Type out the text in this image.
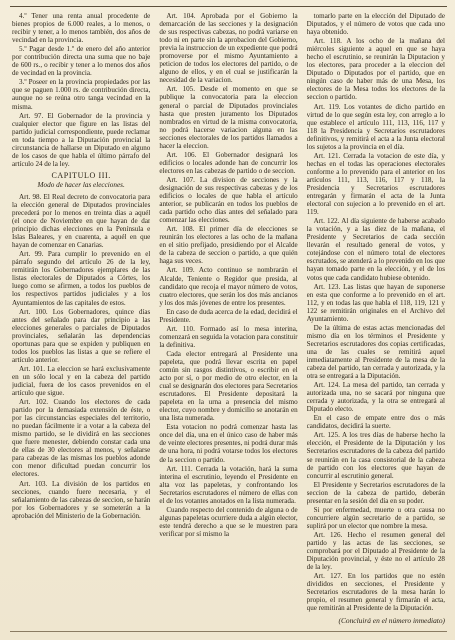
4.º Tener una renta anual procedente de bienes propios de 6.000 reales, a lo menos, o recibir y tener, a lo menos también, dos años de vecindad en la provincia.

5.º Pagar desde 1.º de enero del año anterior por contribución directa una suma que no baje de 600 rs., o recibir y tener a lo menos dos años de vecindad en la provincia.

3.º Poseer en la provincia propiedades por las que se paguen 1.000 rs. de contribución directa, aunque no se reúna otro tanga vecindad en la misma.

Art. 97. El Gobernador de la provincia y cualquier elector que figure en las listas del partido judicial correspondiente, puede reclamar en toda tiempo a la Diputación provincial la circunstancia de hallarse un Diputado en alguno de los casos de que habla el último párrafo del artículo 24 de la ley.

CAPITULO III.
Modo de hacer las elecciones.

Art. 98. El Real decreto de convocatoria para la elección general de Diputados provinciales precederá por lo menos en treinta días a aquél (el once de Noviembre en que hayan de dar principio dichas elecciones en la Península e Islas Baleares, y en cuarenta, a aquél en que hayan de comenzar en Canarias.

Art. 99. Para cumplir lo prevenido en el párrafo segundo del artículo 26 de la ley, remitirán los Gobernadores ejemplares de las listas electorales de Diputados a Córtes, los luego como se afirmen, a todos los pueblos de los respectivos partidos judiciales y a los Ayuntamientos de las capitales de estos.

Art. 100. Los Gobernadores, quince días antes del señalado para dar principio a las elecciones generales o parciales de Diputados provinciales, señalarán las dependencias oportunas para que se expiden y publiquen en todos los pueblos las listas a que se refiere el artículo anterior.

Art. 101. La eleccion se hará exclusivamente en un sólo local y en la cabeza del partido judicial, fuera de los casos prevenidos en el artículo que sigue.

Art. 102. Cuando los electores de cada partido por la demasiada extensión de éste, o por las circunstancias especiales del territorio, no puedan fácilmente ir a votar a la cabeza del mismo partido, se le dividirá en las secciones que fuere menester, debiendo constar cada una de ellas de 30 electores al menos, y señalarse para cabezas de las mismas los pueblos adonde con menor dificultad puedan concurrir los electores.

Art. 103. La división de los partidos en secciones, cuando fuere necesaria, y el señalamiento de las cabezas de seccion, se harán por los Gobernadores y se someterán a la aprobación del Ministerio de la Gobernación.

Art. 104. Aprobada por el Gobierno la demarcación de las secciones y la designación de sus respectivas cabezas, no podrá variarse en todo ni en parte sin la aprobacion del Gobierno, previa la instruccion de un expediente que podrá promoverse por el mismo Ayuntamiento a peticion de todos los electores del partido, o de alguno de ellos, y en el cual se justificarán la necesidad de la variacion.

Art. 105. Desde el momento en que se publique la convocatoria para la eleccion general o parcial de Diputados provinciales hasta que presten juramento los Diputados nombrados en virtud de la misma convocatoria, no podrá hacerse variacion alguna en las secciones electorales de los partidos llamados a hacer la eleccion.

Art. 106. El Gobernador designará los edificios o locales adonde han de concurrir los electores en las cabezas de partido o de seccion.

Art. 107. La division de secciones y la designación de sus respectivas cabezas y de los edificios o locales de que habla el artículo anterior, se publicarán en todos los pueblos de cada partido ocho días antes del señalado para comenzar las elecciones.

Art. 108. El primer día de elecciones se reunirán los electores a las ocho de la mañana en el sitio prefijado, presidiendo por el Alcalde de la cabeza de seccion o partido, a que quién haga sus veces.

Art. 109. Acto continuo se nombrarán el Alcalde, Teniente o Regidor que presida, al candidato que recoja el mayor número de votos, cuatro electores, que serán los dos más ancianos y los dos más jóvenes de entre los presentes.

En caso de duda acerca de la edad, decidirá el Presidente.

Art. 110. Formado así lo mesa interina, comenzará en seguida la votacion para constituir la definitiva.

Cada elector entregará al Presidente una papeleta, que podrá llevar escrita en papel común sin rasgos distintivos, o escribir en el acto por sí, o por medio de otro elector, en la cual se designarán dos electores para Secretarios escrutadores. El Presidente depositará la papeleta en la urna a presencia del mismo elector, cuyo nombre y domicilio se anotarán en una lista numerada.

Esta votacion no podrá comenzar hasta las once del día, una en el único caso de haber más de veinte electores presentes, ni podrá durar más de una hora, ni podrá votarse todos los electores de la seccion o partido.

Art. 111. Cerrada la votación, hará la suma interina el escrutinio, leyendo el Presidente en alta voz las papeletas, y confrontando los Secretarios escrutadores el número de ellas con el de los votantes anotados en la lista numerada.

Cuando respecto del contenido de alguna o de algunas papeletas ocurriere duda a algún elector, este tendrá derecho a que se le muestren para verificar por sí mismo la

tomarlo parte en la elección del Diputado de Diputados, y el número de votos que cada uno haya obtenido.

Art. 118. A los ocho de la mañana del miércoles siguiente a aquel en que se haya hecho el escrutinio, se reunirán la Diputacion y los electores, para proceder a la eleccion del Diputado o Diputados por el partido, que en ningún caso de haber más de una Mesa, los electores de la Mesa todos los electores de la seccion o partido.

Art. 119. Los votantes de dicho partido en virtud de lo que según esta ley, con arreglo a lo que establece el artículo 111, 113, 116, 117 y 118 la Presidencia y Secretarios escrutadores definitivos, y remitirá el acta a la Junta electoral los sujetos a la provincia en el día.

Art. 121. Cerrada la votacion de este día, y hechas en el todas las operaciones electorales conforme a lo prevenido para el anterior en los artículos 111, 113, 116, 117 y 118, la Presidencia y Secretarios escrutadores entregarán y firmarán el acta de la Junta electoral con sujecion a lo prevenido en el art. 119.

Art. 122. Al día siguiente de haberse acabado la votación, y a las diez de la mañana, el Presidente y Secretarios de cada sección llevarán el resultado general de votos, y cotejándose con el número total de electores escrutados, se atenderá a lo prevenido en los que hayan tomado parte en la elección, y el de los votos que cada candidato hubiese obtenido.

Art. 123. Las listas que hayan de suponerse en esta que conforme a lo prevenido en el art. 112, y en todas las que habla el 118, 119, 121 y 122 se remitirán originales en el Archivo del Ayuntamiento.

De la última de estas actas mencionadas del mismo día en los términos el Presidente y Secretarios escrutadores dos copias certificadas, una de las cuales se remitirá aquel inmediatamente al Presidente de la mesa de la cabeza del partido, tan cerrada y autorizada, y la otra se entregará a la Diputación.

Art. 124. La mesa del partido, tan cerrada y autorizada una, no se sacará por ninguna que cerrada y autorizada, y la otra se entregará al Diputado electo.

En el caso de empate entre dos o más candidatos, decidirá la suerte.

Art. 125. A los tres días de haberse hecho la elección, el Presidente de la Diputación y los Secretarios escrutadores de la cabeza del partido se reunirán en la casa consistorial de la cabeza de partido con los electores que hayan de concurrir al escrutinio general.

El Presidente y Secretarios escrutadores de la seccion de la cabeza de partido, deberán presentar en la sesión del día en su poder.

Si por enfermedad, muerte u otra causa no concurriere algún secretario de a partido, se suplirá por un elector que nombre la mesa.

Art. 126. Hecho el resumen general del partido y las actas de las secciones, se comprobará por el Diputado al Presidente de la Diputación provincial, y éste no el artículo 28 de la ley.

Art. 127. En los partidos que no estén divididos en secciones, el Presidente y Secretarios escrutadores de la mesa harán lo propio, el resumen general y firmarán el acta, que remitirán al Presidente de la Diputación.

(Concluirá en el número inmediato)
